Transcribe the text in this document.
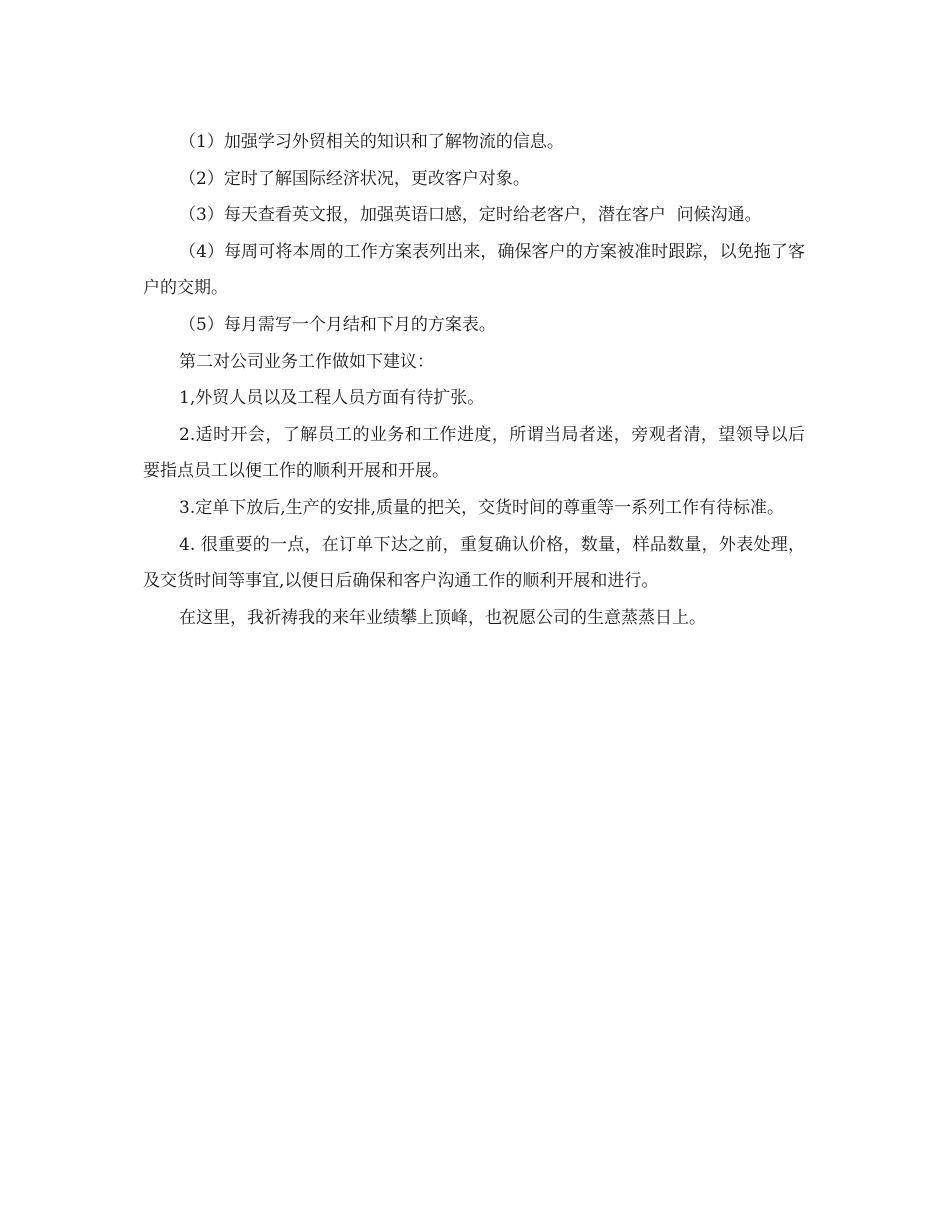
（1）加强学习外贸相关的知识和了解物流的信息。

（2）定时了解国际经济状况，更改客户对象。

（3）每天查看英文报，加强英语口感，定时给老客户，潜在客户  问候沟通。

（4）每周可将本周的工作方案表列出来，确保客户的方案被准时跟踪，以免拖了客户的交期。

（5）每月需写一个月结和下月的方案表。

第二对公司业务工作做如下建议：

1,外贸人员以及工程人员方面有待扩张。

2.适时开会，了解员工的业务和工作进度，所谓当局者迷，旁观者清，望领导以后要指点员工以便工作的顺利开展和开展。

3.定单下放后,生产的安排,质量的把关，交货时间的尊重等一系列工作有待标准。

4. 很重要的一点，在订单下达之前，重复确认价格，数量，样品数量，外表处理，及交货时间等事宜,以便日后确保和客户沟通工作的顺利开展和进行。

在这里，我祈祷我的来年业绩攀上顶峰，也祝愿公司的生意蒸蒸日上。
